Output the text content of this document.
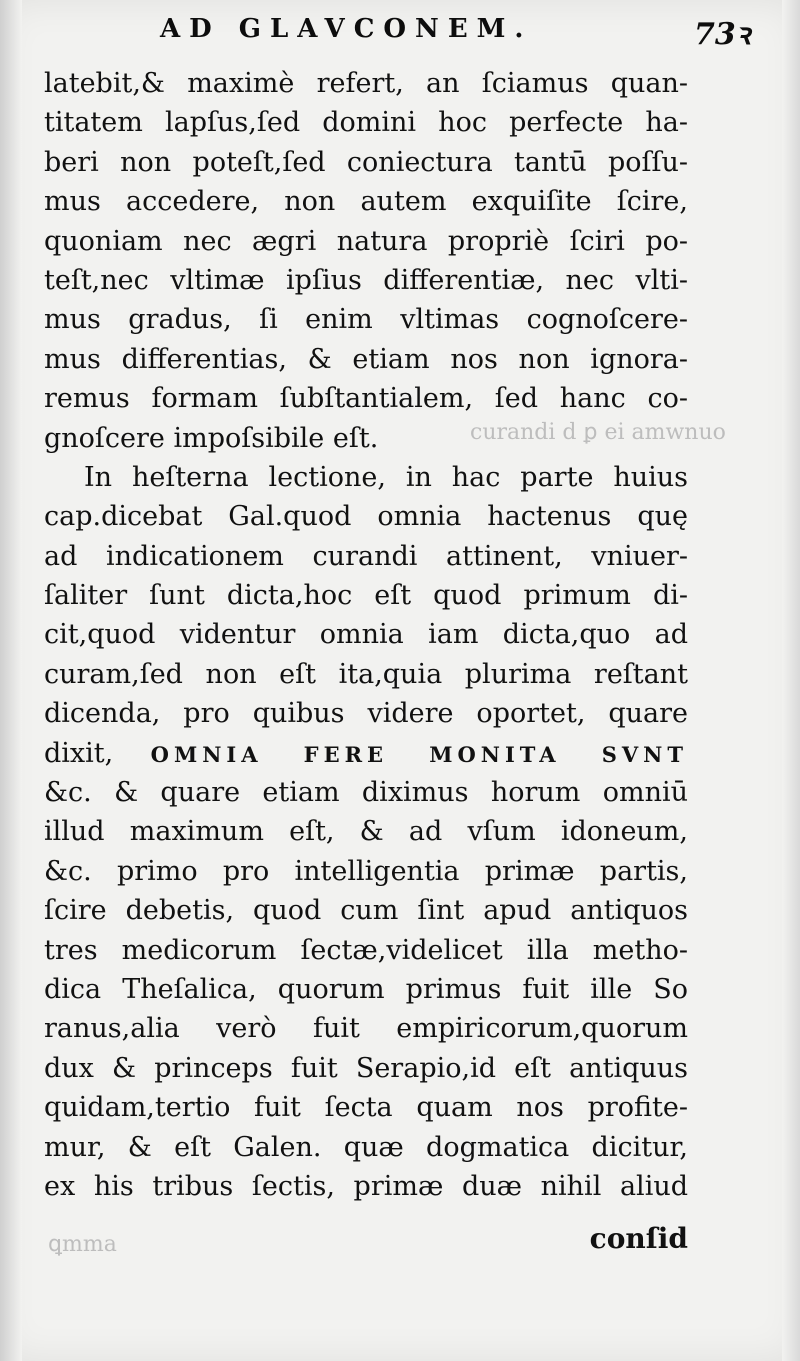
AD GLAVCONEM.	73ꝛ
curandi d ꝑ ei amwnuo
ꝗmma
latebit,& maximè refert, an ſciamus quan-
titatem lapſus,ſed domini hoc perfecte ha-
beri non poteſt,ſed coniectura tantū poſſu-
mus accedere, non autem exquiſite ſcire,
quoniam nec ægri natura propriè ſciri po-
teſt,nec vltimæ ipſius differentiæ, nec vlti-
mus gradus, ſi enim vltimas cognoſcere-
mus differentias, & etiam nos non ignora-
remus formam ſubſtantialem, ſed hanc co-
gnoſcere impoſsibile eſt.
In heſterna lectione, in hac parte huius
cap.dicebat Gal.quod omnia hactenus quę
ad indicationem curandi attinent, vniuer-
ſaliter ſunt dicta,hoc eſt quod primum di-
cit,quod videntur omnia iam dicta,quo ad
curam,ſed non eſt ita,quia plurima reſtant
dicenda, pro quibus videre oportet, quare
dixit, OMNIA FERE MONITA SVNT
&c. & quare etiam diximus horum omniū
illud maximum eſt, & ad vſum idoneum,
&c. primo pro intelligentia primæ partis,
ſcire debetis, quod cum ſint apud antiquos
tres medicorum ſectæ,videlicet illa metho-
dica Theſalica, quorum primus fuit ille So
ranus,alia verò fuit empiricorum,quorum
dux & princeps fuit Serapio,id eſt antiquus
quidam,tertio fuit ſecta quam nos profite-
mur, & eſt Galen. quæ dogmatica dicitur,
ex his tribus ſectis, primæ duæ nihil aliud
conſid
